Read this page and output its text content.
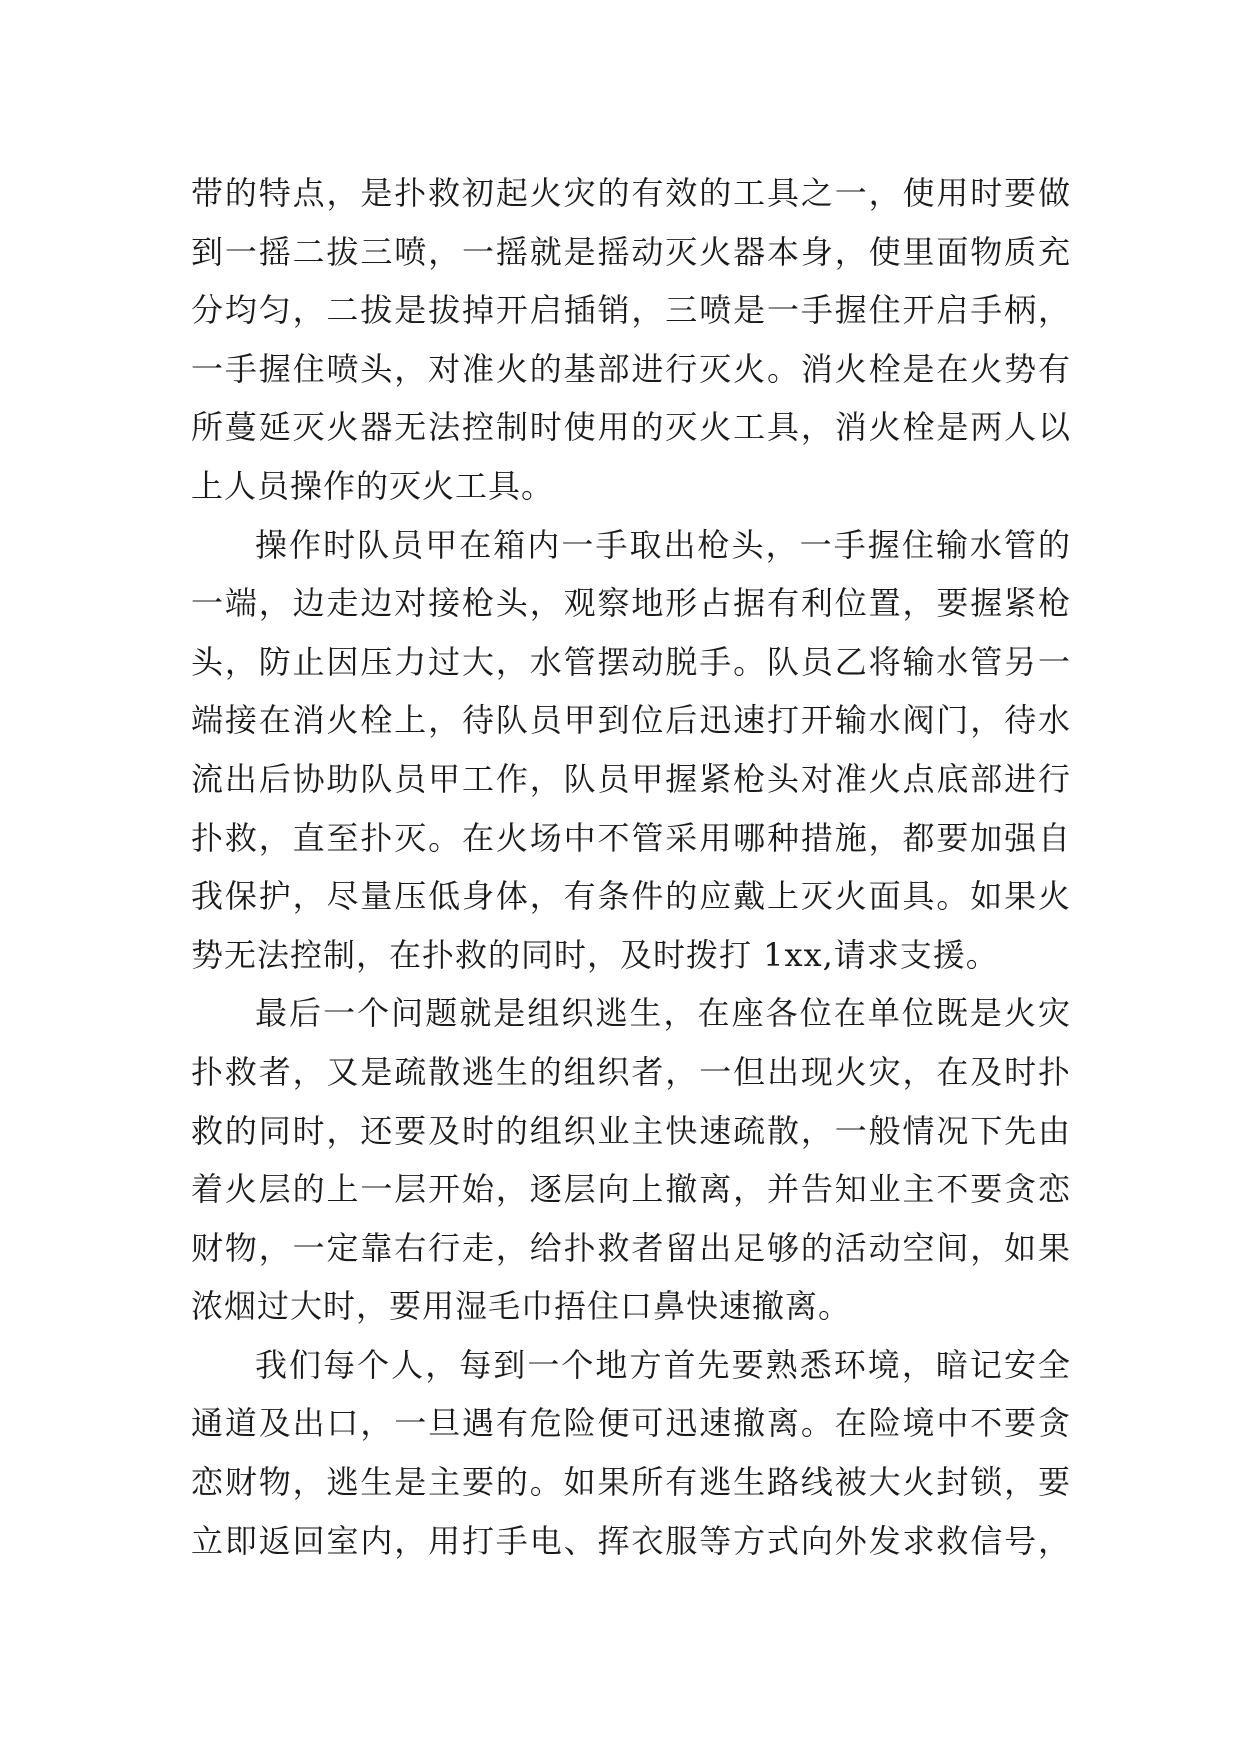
带的特点，是扑救初起火灾的有效的工具之一，使用时要做
到一摇二拔三喷，一摇就是摇动灭火器本身，使里面物质充
分均匀，二拔是拔掉开启插销，三喷是一手握住开启手柄，
一手握住喷头，对准火的基部进行灭火。消火栓是在火势有
所蔓延灭火器无法控制时使用的灭火工具，消火栓是两人以
上人员操作的灭火工具。
操作时队员甲在箱内一手取出枪头，一手握住输水管的
一端，边走边对接枪头，观察地形占据有利位置，要握紧枪
头，防止因压力过大，水管摆动脱手。队员乙将输水管另一
端接在消火栓上，待队员甲到位后迅速打开输水阀门，待水
流出后协助队员甲工作，队员甲握紧枪头对准火点底部进行
扑救，直至扑灭。在火场中不管采用哪种措施，都要加强自
我保护，尽量压低身体，有条件的应戴上灭火面具。如果火
势无法控制，在扑救的同时，及时拨打 1xx,请求支援。
最后一个问题就是组织逃生，在座各位在单位既是火灾
扑救者，又是疏散逃生的组织者，一但出现火灾，在及时扑
救的同时，还要及时的组织业主快速疏散，一般情况下先由
着火层的上一层开始，逐层向上撤离，并告知业主不要贪恋
财物，一定靠右行走，给扑救者留出足够的活动空间，如果
浓烟过大时，要用湿毛巾捂住口鼻快速撤离。
我们每个人，每到一个地方首先要熟悉环境，暗记安全
通道及出口，一旦遇有危险便可迅速撤离。在险境中不要贪
恋财物，逃生是主要的。如果所有逃生路线被大火封锁，要
立即返回室内，用打手电、挥衣服等方式向外发求救信号，
